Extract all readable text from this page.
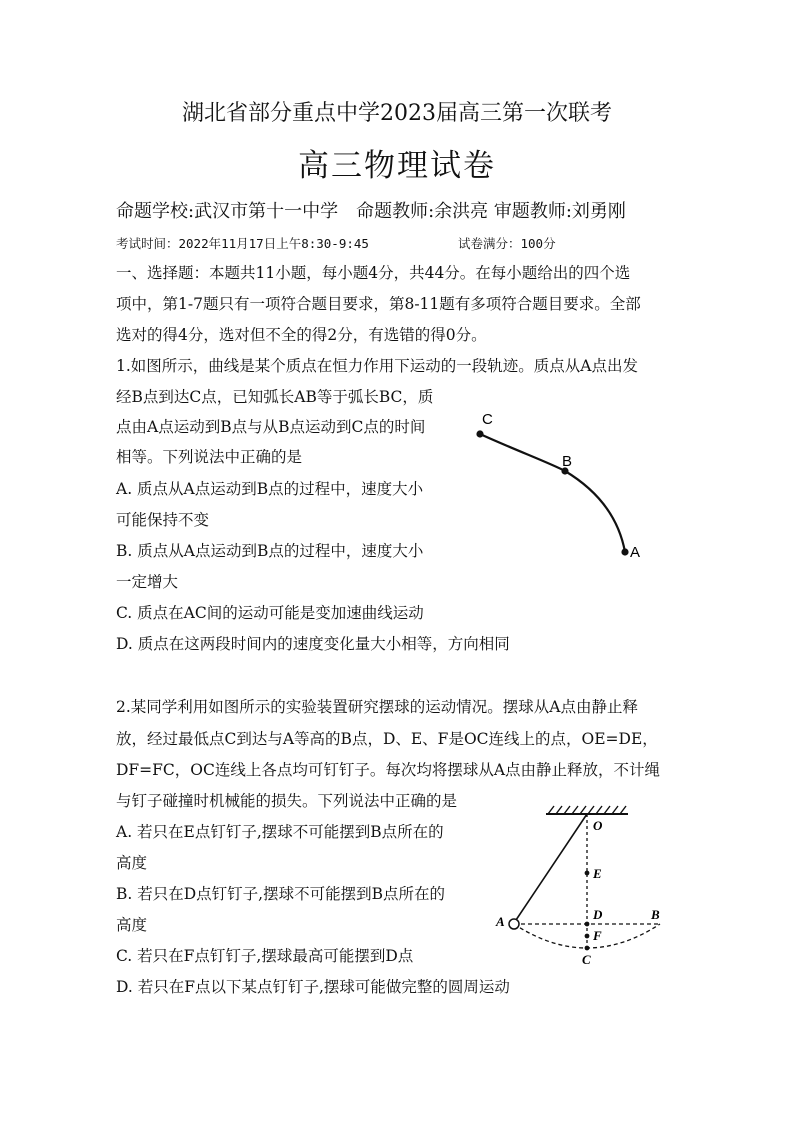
湖北省部分重点中学2023届高三第一次联考
高三物理试卷
命题学校:武汉市第十一中学　命题教师:余洪亮 审题教师:刘勇刚
考试时间：2022年11月17日上午8:30-9:45	试卷满分：100分
一、选择题：本题共11小题，每小题4分，共44分。在每小题给出的四个选
项中，第1-7题只有一项符合题目要求，第8-11题有多项符合题目要求。全部
选对的得4分，选对但不全的得2分，有选错的得0分。
1.如图所示，曲线是某个质点在恒力作用下运动的一段轨迹。质点从A点出发
经B点到达C点，已知弧长AB等于弧长BC，质
点由A点运动到B点与从B点运动到C点的时间
相等。下列说法中正确的是
A. 质点从A点运动到B点的过程中，速度大小
可能保持不变
B. 质点从A点运动到B点的过程中，速度大小
一定增大
C. 质点在AC间的运动可能是变加速曲线运动
D. 质点在这两段时间内的速度变化量大小相等，方向相同
C
B
A
2.某同学利用如图所示的实验装置研究摆球的运动情况。摆球从A点由静止释
放，经过最低点C到达与A等高的B点，D、E、F是OC连线上的点，OE=DE，
DF=FC，OC连线上各点均可钉钉子。每次均将摆球从A点由静止释放，不计绳
与钉子碰撞时机械能的损失。下列说法中正确的是
A. 若只在E点钉钉子,摆球不可能摆到B点所在的
高度
B. 若只在D点钉钉子,摆球不可能摆到B点所在的
高度
C. 若只在F点钉钉子,摆球最高可能摆到D点
D. 若只在F点以下某点钉钉子,摆球可能做完整的圆周运动
O
E
D	B
A
F
C
